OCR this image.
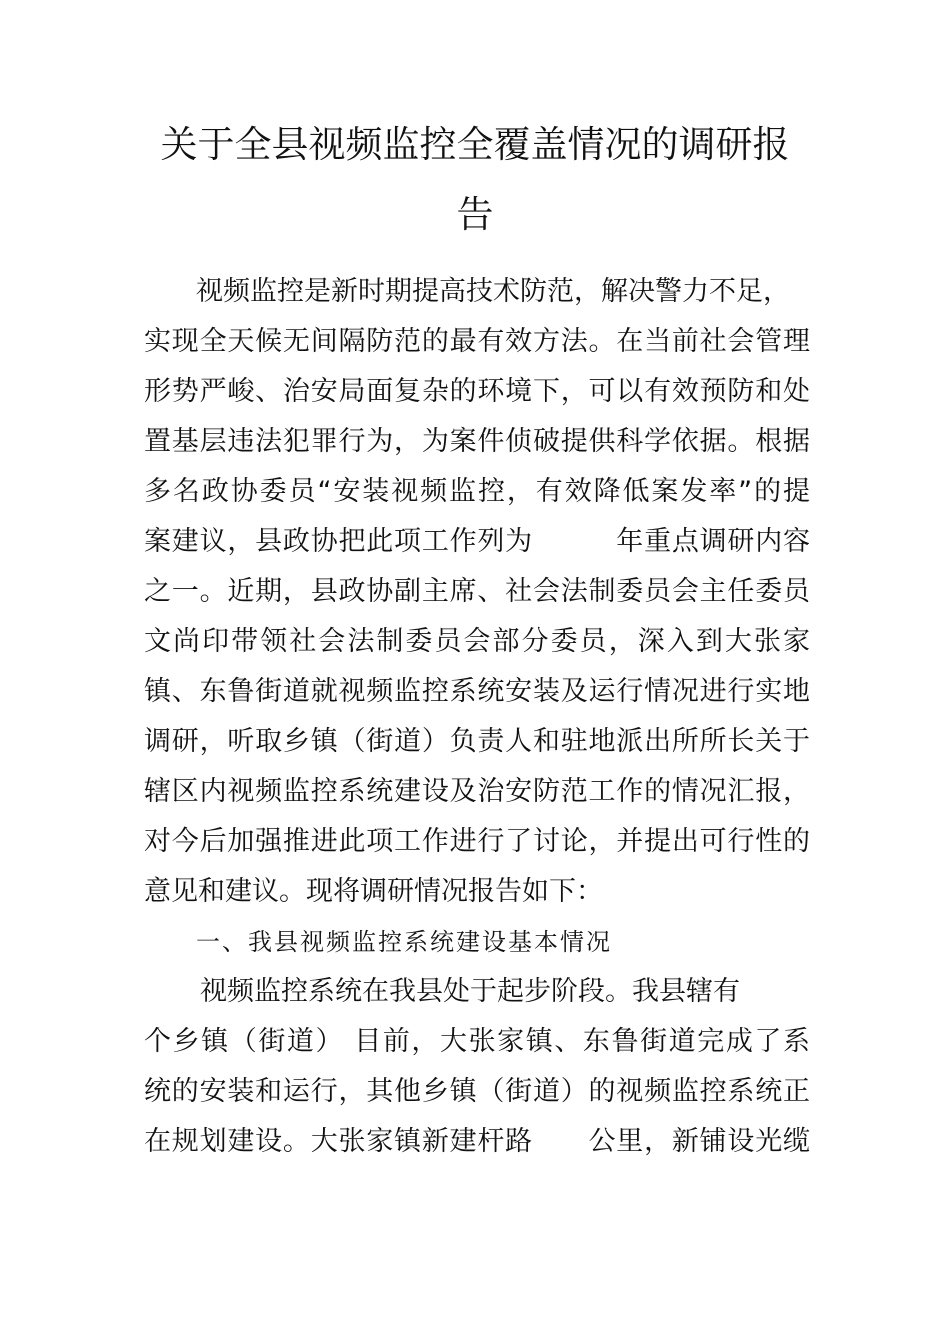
关于全县视频监控全覆盖情况的调研报
告
视频监控是新时期提高技术防范，解决警力不足，
实现全天候无间隔防范的最有效方法。在当前社会管理
形势严峻、治安局面复杂的环境下，可以有效预防和处
置基层违法犯罪行为，为案件侦破提供科学依据。根据
多名政协委员“安装视频监控，有效降低案发率”的提
案建议，县政协把此项工作列为　　　年重点调研内容
之一。近期，县政协副主席、社会法制委员会主任委员
文尚印带领社会法制委员会部分委员，深入到大张家
镇、东鲁街道就视频监控系统安装及运行情况进行实地
调研，听取乡镇（街道）负责人和驻地派出所所长关于
辖区内视频监控系统建设及治安防范工作的情况汇报，
对今后加强推进此项工作进行了讨论，并提出可行性的
意见和建议。现将调研情况报告如下：
一、我县视频监控系统建设基本情况
视频监控系统在我县处于起步阶段。我县辖有
个乡镇（街道） 目前，大张家镇、东鲁街道完成了系
统的安装和运行，其他乡镇（街道）的视频监控系统正
在规划建设。大张家镇新建杆路　　公里，新铺设光缆
